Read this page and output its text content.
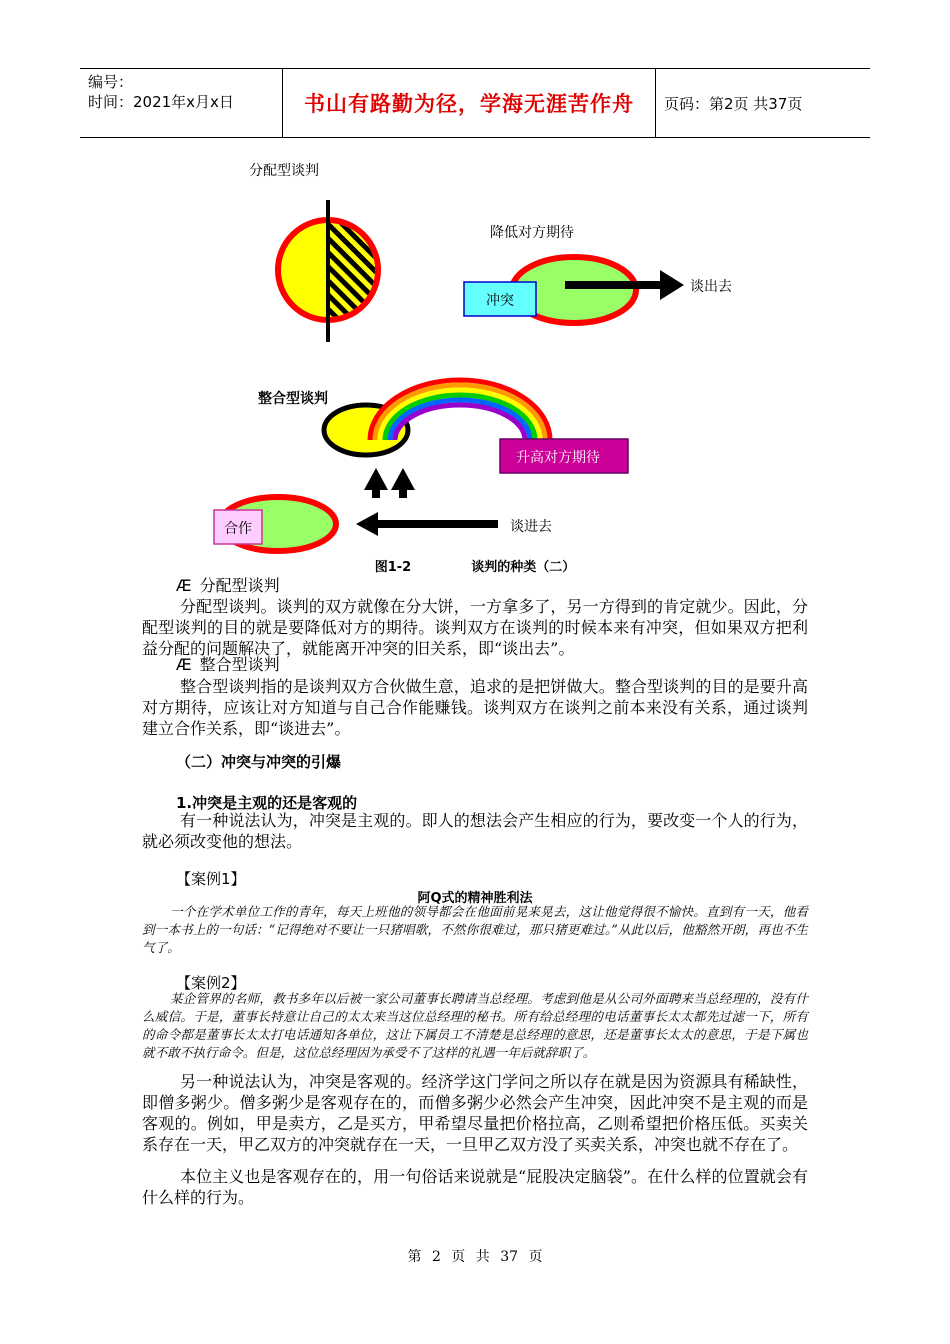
编号：
时间：2021年x月x日	书山有路勤为径，学海无涯苦作舟	页码：第2页 共37页
分配型谈判
降低对方期待
冲突
谈出去
整合型谈判
升高对方期待
合作	谈进去
图1-2	谈判的种类（二）
Æ 分配型谈判
分配型谈判。谈判的双方就像在分大饼，一方拿多了，另一方得到的肯定就少。因此，分配型谈判的目的就是要降低对方的期待。谈判双方在谈判的时候本来有冲突，但如果双方把利益分配的问题解决了，就能离开冲突的旧关系，即“谈出去”。
Æ 整合型谈判
整合型谈判指的是谈判双方合伙做生意，追求的是把饼做大。整合型谈判的目的是要升高对方期待，应该让对方知道与自己合作能赚钱。谈判双方在谈判之前本来没有关系，通过谈判建立合作关系，即“谈进去”。
（二）冲突与冲突的引爆
1.冲突是主观的还是客观的
有一种说法认为，冲突是主观的。即人的想法会产生相应的行为，要改变一个人的行为，就必须改变他的想法。
【案例1】
阿Q式的精神胜利法
一个在学术单位工作的青年，每天上班他的领导都会在他面前晃来晃去，这让他觉得很不愉快。直到有一天，他看到一本书上的一句话：“记得绝对不要让一只猪唱歌，不然你很难过，那只猪更难过。”从此以后，他豁然开朗，再也不生气了。
【案例2】
某企管界的名师，教书多年以后被一家公司董事长聘请当总经理。考虑到他是从公司外面聘来当总经理的，没有什么威信。于是，董事长特意让自己的太太来当这位总经理的秘书。所有给总经理的电话董事长太太都先过滤一下，所有的命令都是董事长太太打电话通知各单位，这让下属员工不清楚是总经理的意思，还是董事长太太的意思，于是下属也就不敢不执行命令。但是，这位总经理因为承受不了这样的礼遇一年后就辞职了。
另一种说法认为，冲突是客观的。经济学这门学问之所以存在就是因为资源具有稀缺性，即僧多粥少。僧多粥少是客观存在的，而僧多粥少必然会产生冲突，因此冲突不是主观的而是客观的。例如，甲是卖方，乙是买方，甲希望尽量把价格拉高，乙则希望把价格压低。买卖关系存在一天，甲乙双方的冲突就存在一天，一旦甲乙双方没了买卖关系，冲突也就不存在了。
本位主义也是客观存在的，用一句俗话来说就是“屁股决定脑袋”。在什么样的位置就会有什么样的行为。
第 2 页 共 37 页
